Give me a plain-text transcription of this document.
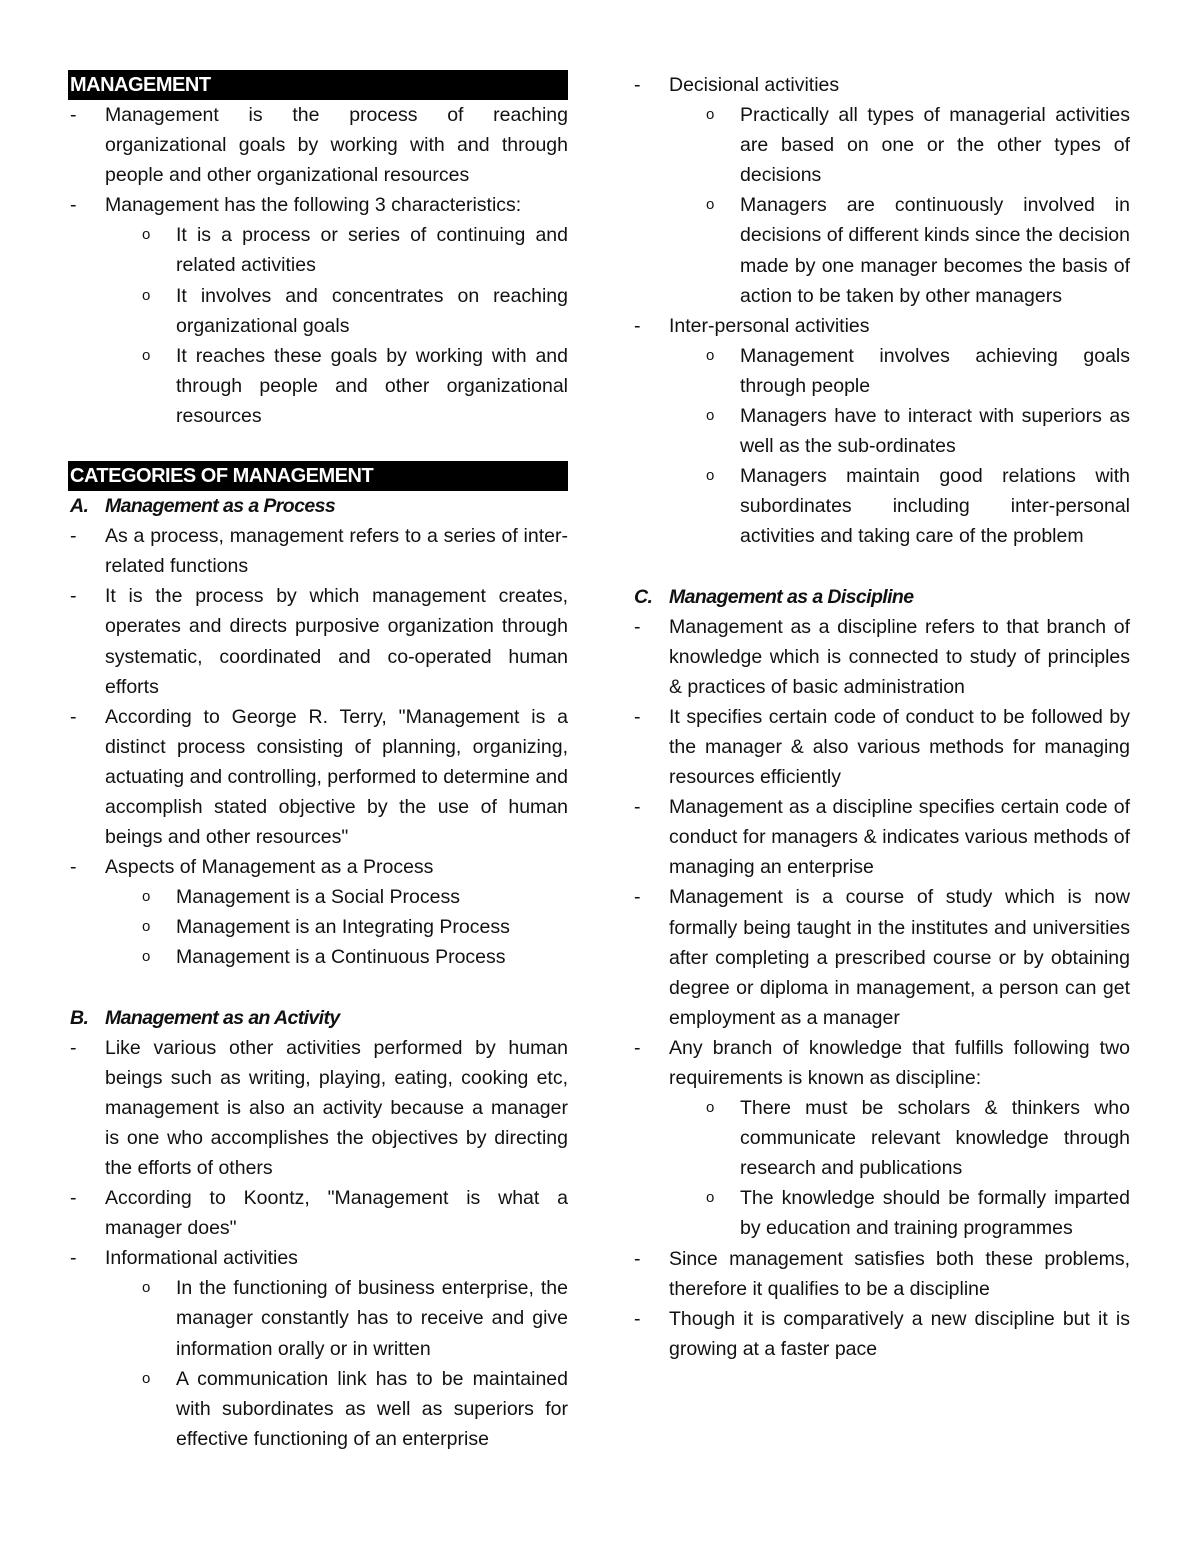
MANAGEMENT
- Management is the process of reaching organizational goals by working with and through people and other organizational resources
- Management has the following 3 characteristics:
o It is a process or series of continuing and related activities
o It involves and concentrates on reaching organizational goals
o It reaches these goals by working with and through people and other organizational resources
CATEGORIES OF MANAGEMENT
A. Management as a Process
- As a process, management refers to a series of inter-related functions
- It is the process by which management creates, operates and directs purposive organization through systematic, coordinated and co-operated human efforts
- According to George R. Terry, "Management is a distinct process consisting of planning, organizing, actuating and controlling, performed to determine and accomplish stated objective by the use of human beings and other resources"
- Aspects of Management as a Process
o Management is a Social Process
o Management is an Integrating Process
o Management is a Continuous Process
B. Management as an Activity
- Like various other activities performed by human beings such as writing, playing, eating, cooking etc, management is also an activity because a manager is one who accomplishes the objectives by directing the efforts of others
- According to Koontz, "Management is what a manager does"
- Informational activities
o In the functioning of business enterprise, the manager constantly has to receive and give information orally or in written
o A communication link has to be maintained with subordinates as well as superiors for effective functioning of an enterprise
- Decisional activities
o Practically all types of managerial activities are based on one or the other types of decisions
o Managers are continuously involved in decisions of different kinds since the decision made by one manager becomes the basis of action to be taken by other managers
- Inter-personal activities
o Management involves achieving goals through people
o Managers have to interact with superiors as well as the sub-ordinates
o Managers maintain good relations with subordinates including inter-personal activities and taking care of the problem
C. Management as a Discipline
- Management as a discipline refers to that branch of knowledge which is connected to study of principles & practices of basic administration
- It specifies certain code of conduct to be followed by the manager & also various methods for managing resources efficiently
- Management as a discipline specifies certain code of conduct for managers & indicates various methods of managing an enterprise
- Management is a course of study which is now formally being taught in the institutes and universities after completing a prescribed course or by obtaining degree or diploma in management, a person can get employment as a manager
- Any branch of knowledge that fulfills following two requirements is known as discipline:
o There must be scholars & thinkers who communicate relevant knowledge through research and publications
o The knowledge should be formally imparted by education and training programmes
- Since management satisfies both these problems, therefore it qualifies to be a discipline
- Though it is comparatively a new discipline but it is growing at a faster pace
